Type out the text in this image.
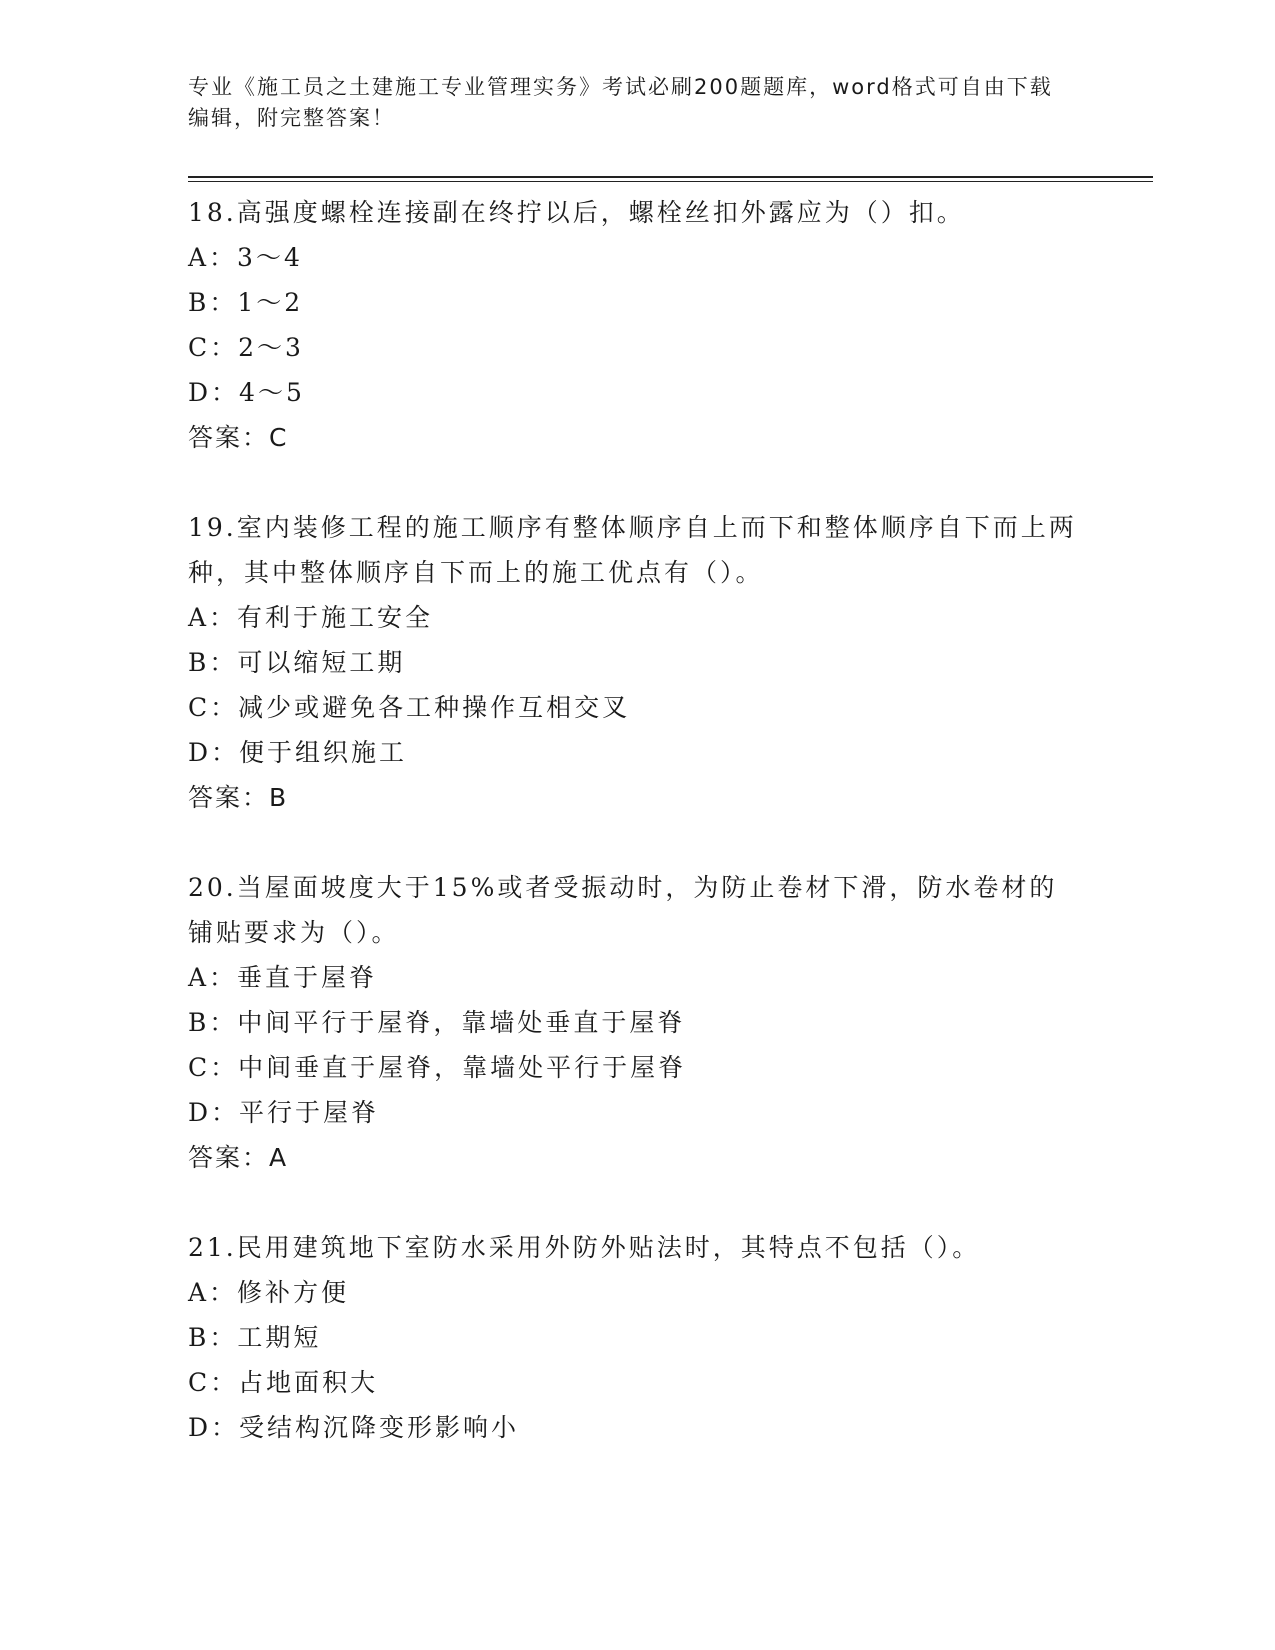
专业《施工员之土建施工专业管理实务》考试必刷200题题库，word格式可自由下载编辑，附完整答案！
18.高强度螺栓连接副在终拧以后，螺栓丝扣外露应为（）扣。
A：3～4
B：1～2
C：2～3
D：4～5
答案：C
19.室内装修工程的施工顺序有整体顺序自上而下和整体顺序自下而上两种，其中整体顺序自下而上的施工优点有（）。
A：有利于施工安全
B：可以缩短工期
C：减少或避免各工种操作互相交叉
D：便于组织施工
答案：B
20.当屋面坡度大于15%或者受振动时，为防止卷材下滑，防水卷材的铺贴要求为（）。
A：垂直于屋脊
B：中间平行于屋脊，靠墙处垂直于屋脊
C：中间垂直于屋脊，靠墙处平行于屋脊
D：平行于屋脊
答案：A
21.民用建筑地下室防水采用外防外贴法时，其特点不包括（）。
A：修补方便
B：工期短
C：占地面积大
D：受结构沉降变形影响小
